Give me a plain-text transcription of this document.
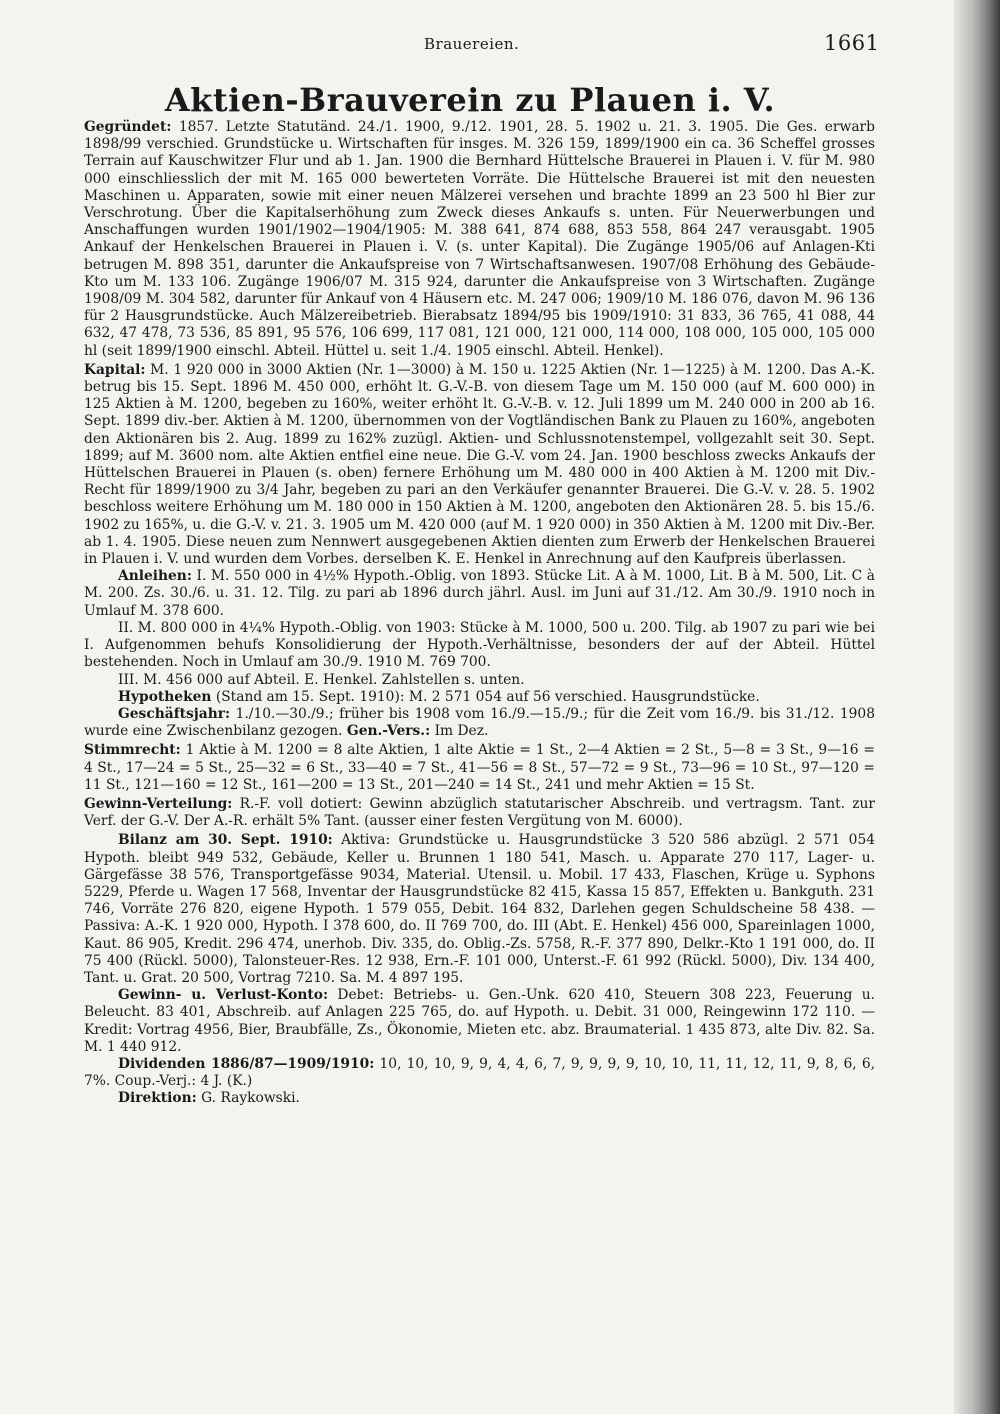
Brauereien.	1661
Aktien-Brauverein zu Plauen i. V.

Gegründet: 1857. Letzte Statutänd. 24./1. 1900, 9./12. 1901, 28. 5. 1902 u. 21. 3. 1905. Die Ges. erwarb 1898/99 verschied. Grundstücke u. Wirtschaften für insges. M. 326 159, 1899/1900 ein ca. 36 Scheffel grosses Terrain auf Kauschwitzer Flur und ab 1. Jan. 1900 die Bernhard Hüttelsche Brauerei in Plauen i. V. für M. 980 000 einschliesslich der mit M. 165 000 bewerteten Vorräte. Die Hüttelsche Brauerei ist mit den neuesten Maschinen u. Apparaten, sowie mit einer neuen Mälzerei versehen und brachte 1899 an 23 500 hl Bier zur Verschrotung. Über die Kapitalserhöhung zum Zweck dieses Ankaufs s. unten. Für Neuerwerbungen und Anschaffungen wurden 1901/1902—1904/1905: M. 388 641, 874 688, 853 558, 864 247 verausgabt. 1905 Ankauf der Henkelschen Brauerei in Plauen i. V. (s. unter Kapital). Die Zugänge 1905/06 auf Anlagen-Kti betrugen M. 898 351, darunter die Ankaufspreise von 7 Wirtschaftsanwesen. 1907/08 Erhöhung des Gebäude-Kto um M. 133 106. Zugänge 1906/07 M. 315 924, darunter die Ankaufspreise von 3 Wirtschaften. Zugänge 1908/09 M. 304 582, darunter für Ankauf von 4 Häusern etc. M. 247 006; 1909/10 M. 186 076, davon M. 96 136 für 2 Hausgrundstücke. Auch Mälzereibetrieb. Bierabsatz 1894/95 bis 1909/1910: 31 833, 36 765, 41 088, 44 632, 47 478, 73 536, 85 891, 95 576, 106 699, 117 081, 121 000, 121 000, 114 000, 108 000, 105 000, 105 000 hl (seit 1899/1900 einschl. Abteil. Hüttel u. seit 1./4. 1905 einschl. Abteil. Henkel).

Kapital: M. 1 920 000 in 3000 Aktien (Nr. 1—3000) à M. 150 u. 1225 Aktien (Nr. 1—1225) à M. 1200. Das A.-K. betrug bis 15. Sept. 1896 M. 450 000, erhöht lt. G.-V.-B. von diesem Tage um M. 150 000 (auf M. 600 000) in 125 Aktien à M. 1200, begeben zu 160%, weiter erhöht lt. G.-V.-B. v. 12. Juli 1899 um M. 240 000 in 200 ab 16. Sept. 1899 div.-ber. Aktien à M. 1200, übernommen von der Vogtländischen Bank zu Plauen zu 160%, angeboten den Aktionären bis 2. Aug. 1899 zu 162% zuzügl. Aktien- und Schlussnotenstempel, vollgezahlt seit 30. Sept. 1899; auf M. 3600 nom. alte Aktien entfiel eine neue. Die G.-V. vom 24. Jan. 1900 beschloss zwecks Ankaufs der Hüttelschen Brauerei in Plauen (s. oben) fernere Erhöhung um M. 480 000 in 400 Aktien à M. 1200 mit Div.-Recht für 1899/1900 zu 3/4 Jahr, begeben zu pari an den Verkäufer genannter Brauerei. Die G.-V. v. 28. 5. 1902 beschloss weitere Erhöhung um M. 180 000 in 150 Aktien à M. 1200, angeboten den Aktionären 28. 5. bis 15./6. 1902 zu 165%, u. die G.-V. v. 21. 3. 1905 um M. 420 000 (auf M. 1 920 000) in 350 Aktien à M. 1200 mit Div.-Ber. ab 1. 4. 1905. Diese neuen zum Nennwert ausgegebenen Aktien dienten zum Erwerb der Henkelschen Brauerei in Plauen i. V. und wurden dem Vorbes. derselben K. E. Henkel in Anrechnung auf den Kaufpreis überlassen.

Anleihen: I. M. 550 000 in 4½% Hypoth.-Oblig. von 1893. Stücke Lit. A à M. 1000, Lit. B à M. 500, Lit. C à M. 200. Zs. 30./6. u. 31. 12. Tilg. zu pari ab 1896 durch jährl. Ausl. im Juni auf 31./12. Am 30./9. 1910 noch in Umlauf M. 378 600.

II. M. 800 000 in 4¼% Hypoth.-Oblig. von 1903: Stücke à M. 1000, 500 u. 200. Tilg. ab 1907 zu pari wie bei I. Aufgenommen behufs Konsolidierung der Hypoth.-Verhältnisse, besonders der auf der Abteil. Hüttel bestehenden. Noch in Umlauf am 30./9. 1910 M. 769 700.

III. M. 456 000 auf Abteil. E. Henkel. Zahlstellen s. unten.

Hypotheken (Stand am 15. Sept. 1910): M. 2 571 054 auf 56 verschied. Hausgrundstücke.

Geschäftsjahr: 1./10.—30./9.; früher bis 1908 vom 16./9.—15./9.; für die Zeit vom 16./9. bis 31./12. 1908 wurde eine Zwischenbilanz gezogen. Gen.-Vers.: Im Dez.

Stimmrecht: 1 Aktie à M. 1200 = 8 alte Aktien, 1 alte Aktie = 1 St., 2—4 Aktien = 2 St., 5—8 = 3 St., 9—16 = 4 St., 17—24 = 5 St., 25—32 = 6 St., 33—40 = 7 St., 41—56 = 8 St., 57—72 = 9 St., 73—96 = 10 St., 97—120 = 11 St., 121—160 = 12 St., 161—200 = 13 St., 201—240 = 14 St., 241 und mehr Aktien = 15 St.

Gewinn-Verteilung: R.-F. voll dotiert: Gewinn abzüglich statutarischer Abschreib. und vertragsm. Tant. zur Verf. der G.-V. Der A.-R. erhält 5% Tant. (ausser einer festen Vergütung von M. 6000).

Bilanz am 30. Sept. 1910: Aktiva: Grundstücke u. Hausgrundstücke 3 520 586 abzügl. 2 571 054 Hypoth. bleibt 949 532, Gebäude, Keller u. Brunnen 1 180 541, Masch. u. Apparate 270 117, Lager- u. Gärgefässe 38 576, Transportgefässe 9034, Material. Utensil. u. Mobil. 17 433, Flaschen, Krüge u. Syphons 5229, Pferde u. Wagen 17 568, Inventar der Hausgrundstücke 82 415, Kassa 15 857, Effekten u. Bankguth. 231 746, Vorräte 276 820, eigene Hypoth. 1 579 055, Debit. 164 832, Darlehen gegen Schuldscheine 58 438. — Passiva: A.-K. 1 920 000, Hypoth. I 378 600, do. II 769 700, do. III (Abt. E. Henkel) 456 000, Spareinlagen 1000, Kaut. 86 905, Kredit. 296 474, unerhob. Div. 335, do. Oblig.-Zs. 5758, R.-F. 377 890, Delkr.-Kto 1 191 000, do. II 75 400 (Rückl. 5000), Talonsteuer-Res. 12 938, Ern.-F. 101 000, Unterst.-F. 61 992 (Rückl. 5000), Div. 134 400, Tant. u. Grat. 20 500, Vortrag 7210. Sa. M. 4 897 195.

Gewinn- u. Verlust-Konto: Debet: Betriebs- u. Gen.-Unk. 620 410, Steuern 308 223, Feuerung u. Beleucht. 83 401, Abschreib. auf Anlagen 225 765, do. auf Hypoth. u. Debit. 31 000, Reingewinn 172 110. — Kredit: Vortrag 4956, Bier, Braubfälle, Zs., Ökonomie, Mieten etc. abz. Braumaterial. 1 435 873, alte Div. 82. Sa. M. 1 440 912.

Dividenden 1886/87—1909/1910: 10, 10, 10, 9, 9, 4, 4, 6, 7, 9, 9, 9, 9, 10, 10, 11, 11, 12, 11, 9, 8, 6, 6, 7%. Coup.-Verj.: 4 J. (K.)

Direktion: G. Raykowski.
